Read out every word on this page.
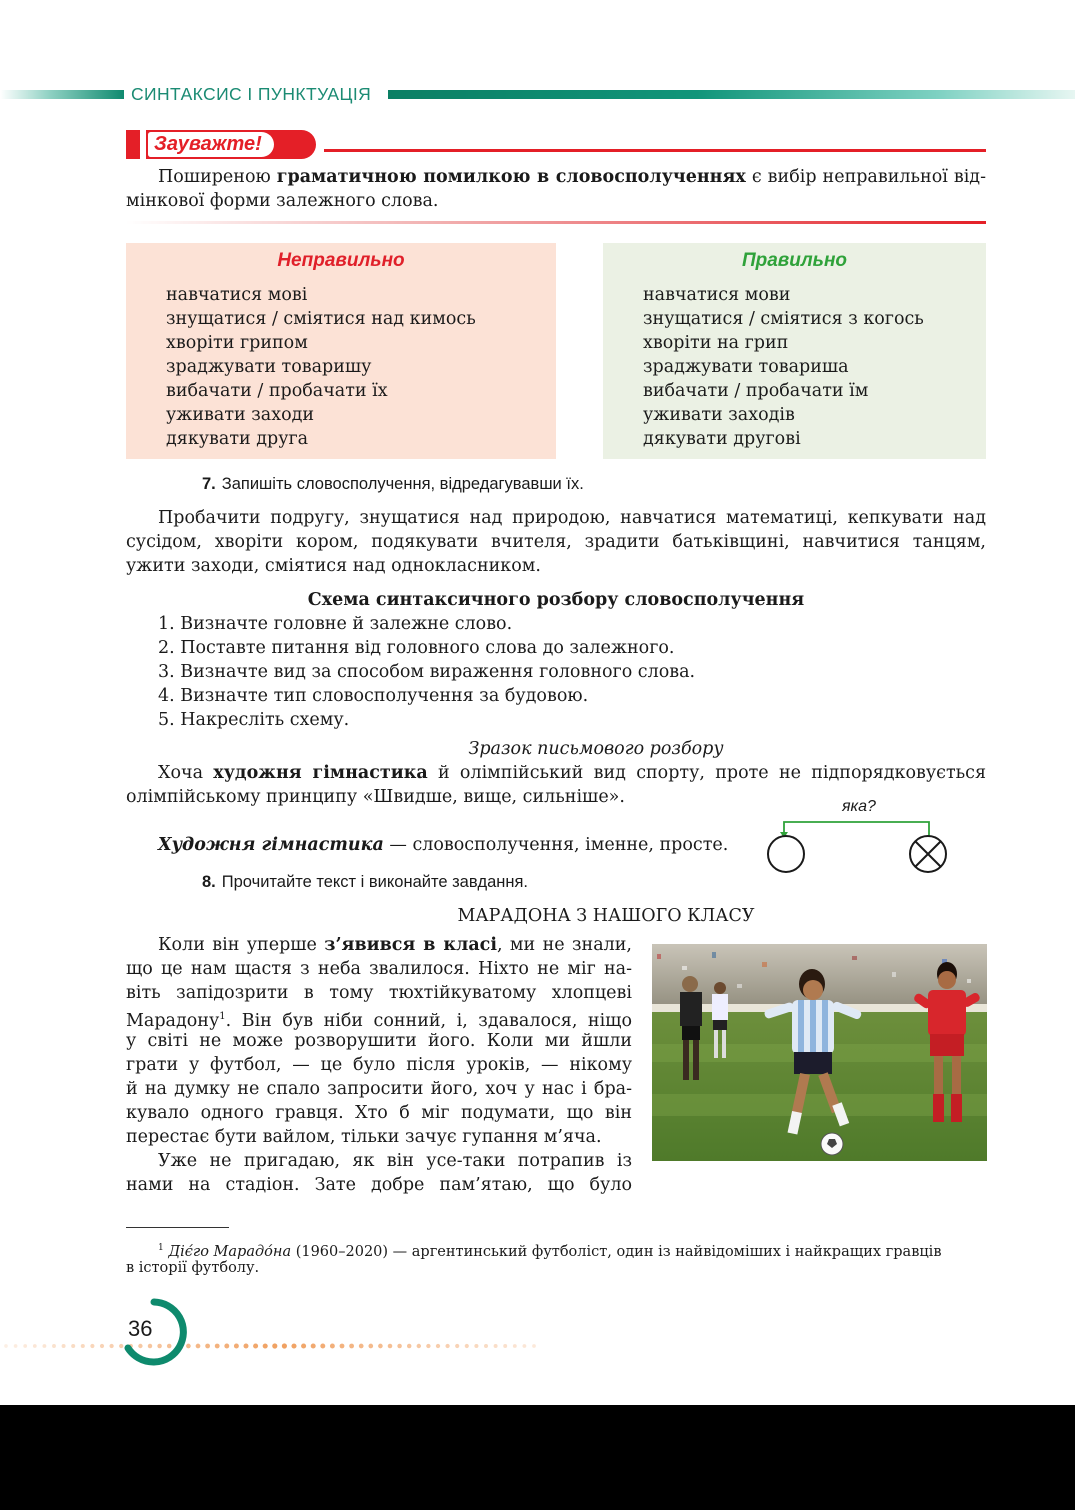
СИНТАКСИС І ПУНКТУАЦІЯ
Зауважте!
Поширеною граматичною помилкою в словосполученнях є вибір неправильної від-
мінкової форми залежного слова.
Неправильно
навчатися мові
знущатися / сміятися над кимось
хворіти грипом
зраджувати товаришу
вибачати / пробачати їх
уживати заходи
дякувати друга
Правильно
навчатися мови
знущатися / сміятися з когось
хворіти на грип
зраджувати товариша
вибачати / пробачати їм
уживати заходів
дякувати другові
7. Запишіть словосполучення, відредагувавши їх.
Пробачити подругу, знущатися над природою, навчатися математиці, кепкувати над
сусідом, хворіти кором, подякувати вчителя, зрадити батьківщині, навчитися танцям,
ужити заходи, сміятися над однокласником.
Схема синтаксичного розбору словосполучення
1. Визначте головне й залежне слово.
2. Поставте питання від головного слова до залежного.
3. Визначте вид за способом вираження головного слова.
4. Визначте тип словосполучення за будовою.
5. Накресліть схему.
Зразок письмового розбору
Хоча художня гімнастика й олімпійський вид спорту, проте не підпорядковується
олімпійському принципу «Швидше, вище, сильніше».
Художня гімнастика — словосполучення, іменне, просте.
яка?
8. Прочитайте текст і виконайте завдання.
МАРАДОНА З НАШОГО КЛАСУ
Коли він уперше з’явився в класі, ми не знали,
що це нам щастя з неба звалилося. Ніхто не міг на-
віть запідозрити в тому тюхтійкуватому хлопцеві
Марадону$^1$. Він був ніби сонний, і, здавалося, ніщо
у світі не може розворушити його. Коли ми йшли
грати у футбол, — це було після уроків, — нікому
й на думку не спало запросити його, хоч у нас і бра-
кувало одного гравця. Хто б міг подумати, що він
перестає бути вайлом, тільки зачує гупання м’яча.
Уже не пригадаю, як він усе-таки потрапив із
нами на стадіон. Зате добре пам’ятаю, що було
$^1$ Діє́го Марадо́на (1960–2020) — аргентинський футболіст, один із найвідоміших і найкращих гравців
в історії футболу.
36
